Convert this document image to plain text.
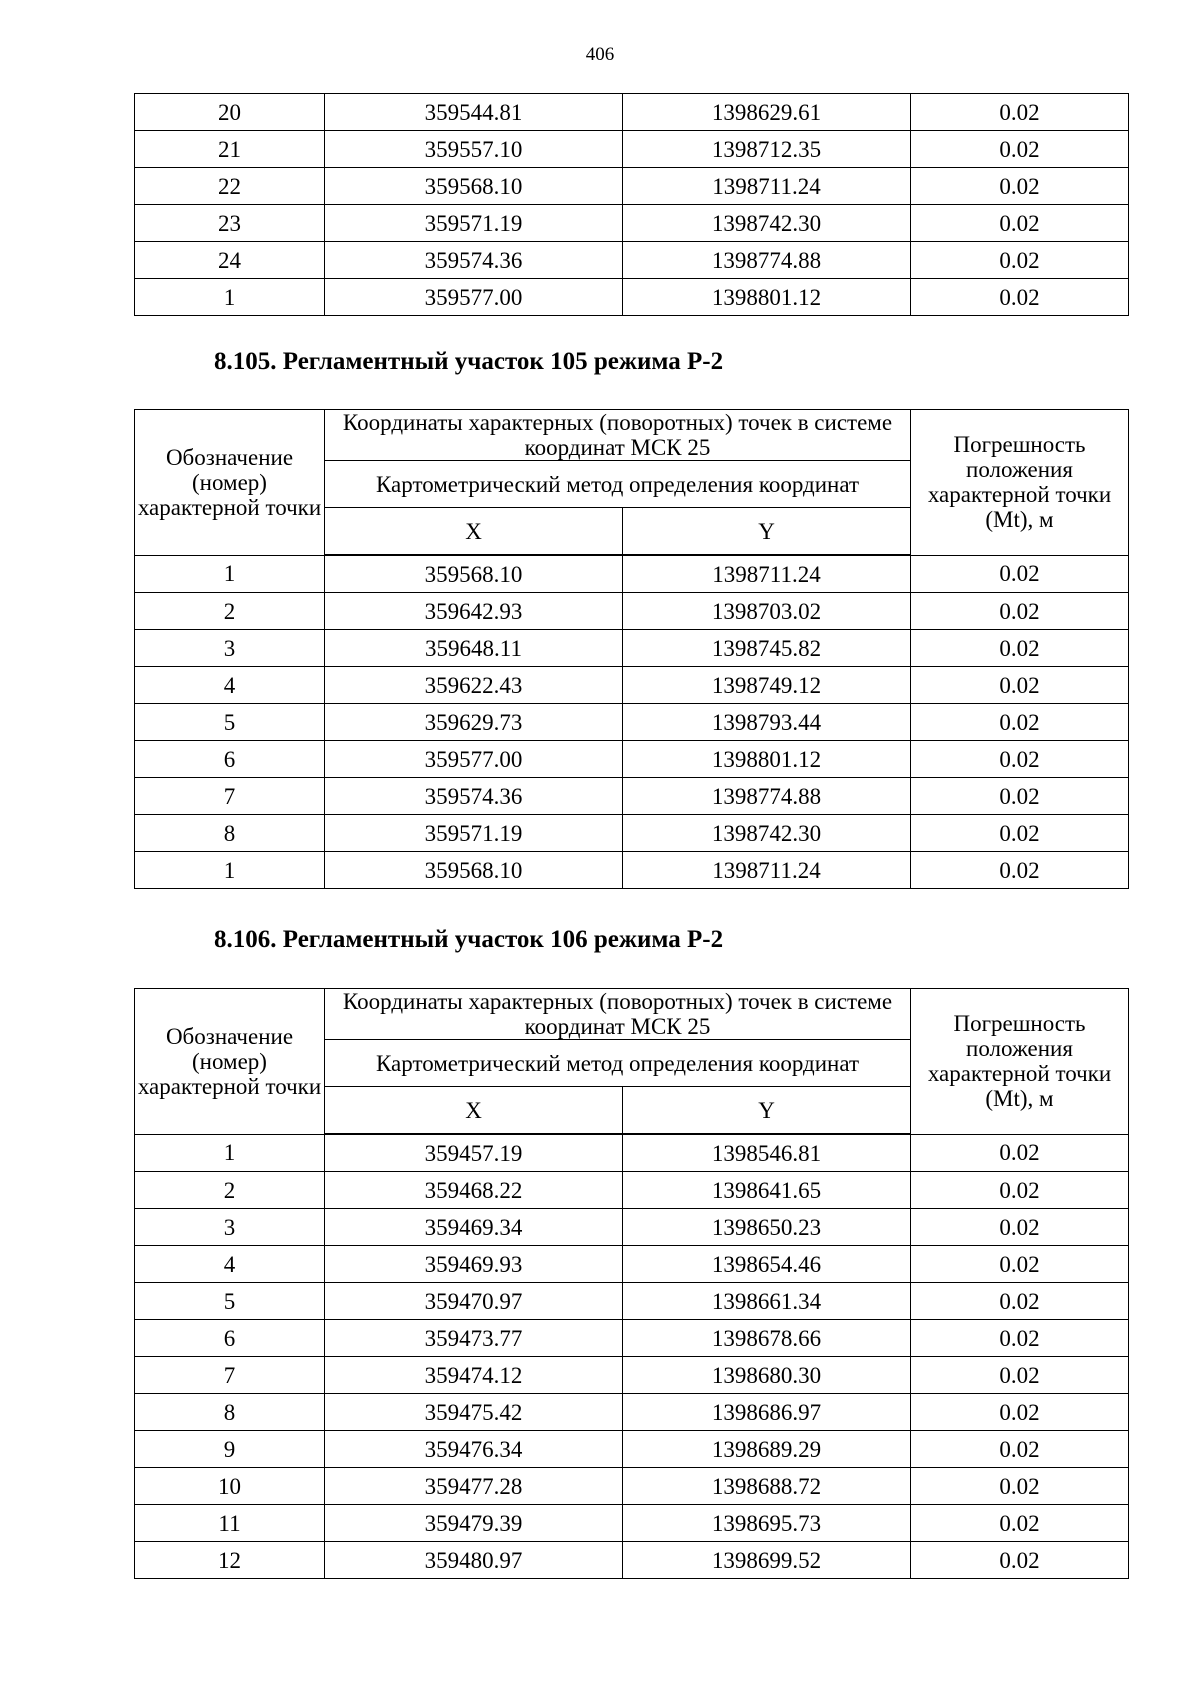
406
20	359544.81	1398629.61	0.02
21	359557.10	1398712.35	0.02
22	359568.10	1398711.24	0.02
23	359571.19	1398742.30	0.02
24	359574.36	1398774.88	0.02
1	359577.00	1398801.12	0.02
8.105. Регламентный участок 105 режима Р-2
Обозначение (номер) характерной точки	Координаты характерных (поворотных) точек в системе координат МСК 25		Погрешность положения характерной точки (Mt), м
	Картометрический метод определения координат		
	X	Y	
1	359568.10	1398711.24	0.02
2	359642.93	1398703.02	0.02
3	359648.11	1398745.82	0.02
4	359622.43	1398749.12	0.02
5	359629.73	1398793.44	0.02
6	359577.00	1398801.12	0.02
7	359574.36	1398774.88	0.02
8	359571.19	1398742.30	0.02
1	359568.10	1398711.24	0.02
8.106. Регламентный участок 106 режима Р-2
Обозначение (номер) характерной точки	Координаты характерных (поворотных) точек в системе координат МСК 25		Погрешность положения характерной точки (Mt), м
	Картометрический метод определения координат		
	X	Y	
1	359457.19	1398546.81	0.02
2	359468.22	1398641.65	0.02
3	359469.34	1398650.23	0.02
4	359469.93	1398654.46	0.02
5	359470.97	1398661.34	0.02
6	359473.77	1398678.66	0.02
7	359474.12	1398680.30	0.02
8	359475.42	1398686.97	0.02
9	359476.34	1398689.29	0.02
10	359477.28	1398688.72	0.02
11	359479.39	1398695.73	0.02
12	359480.97	1398699.52	0.02
